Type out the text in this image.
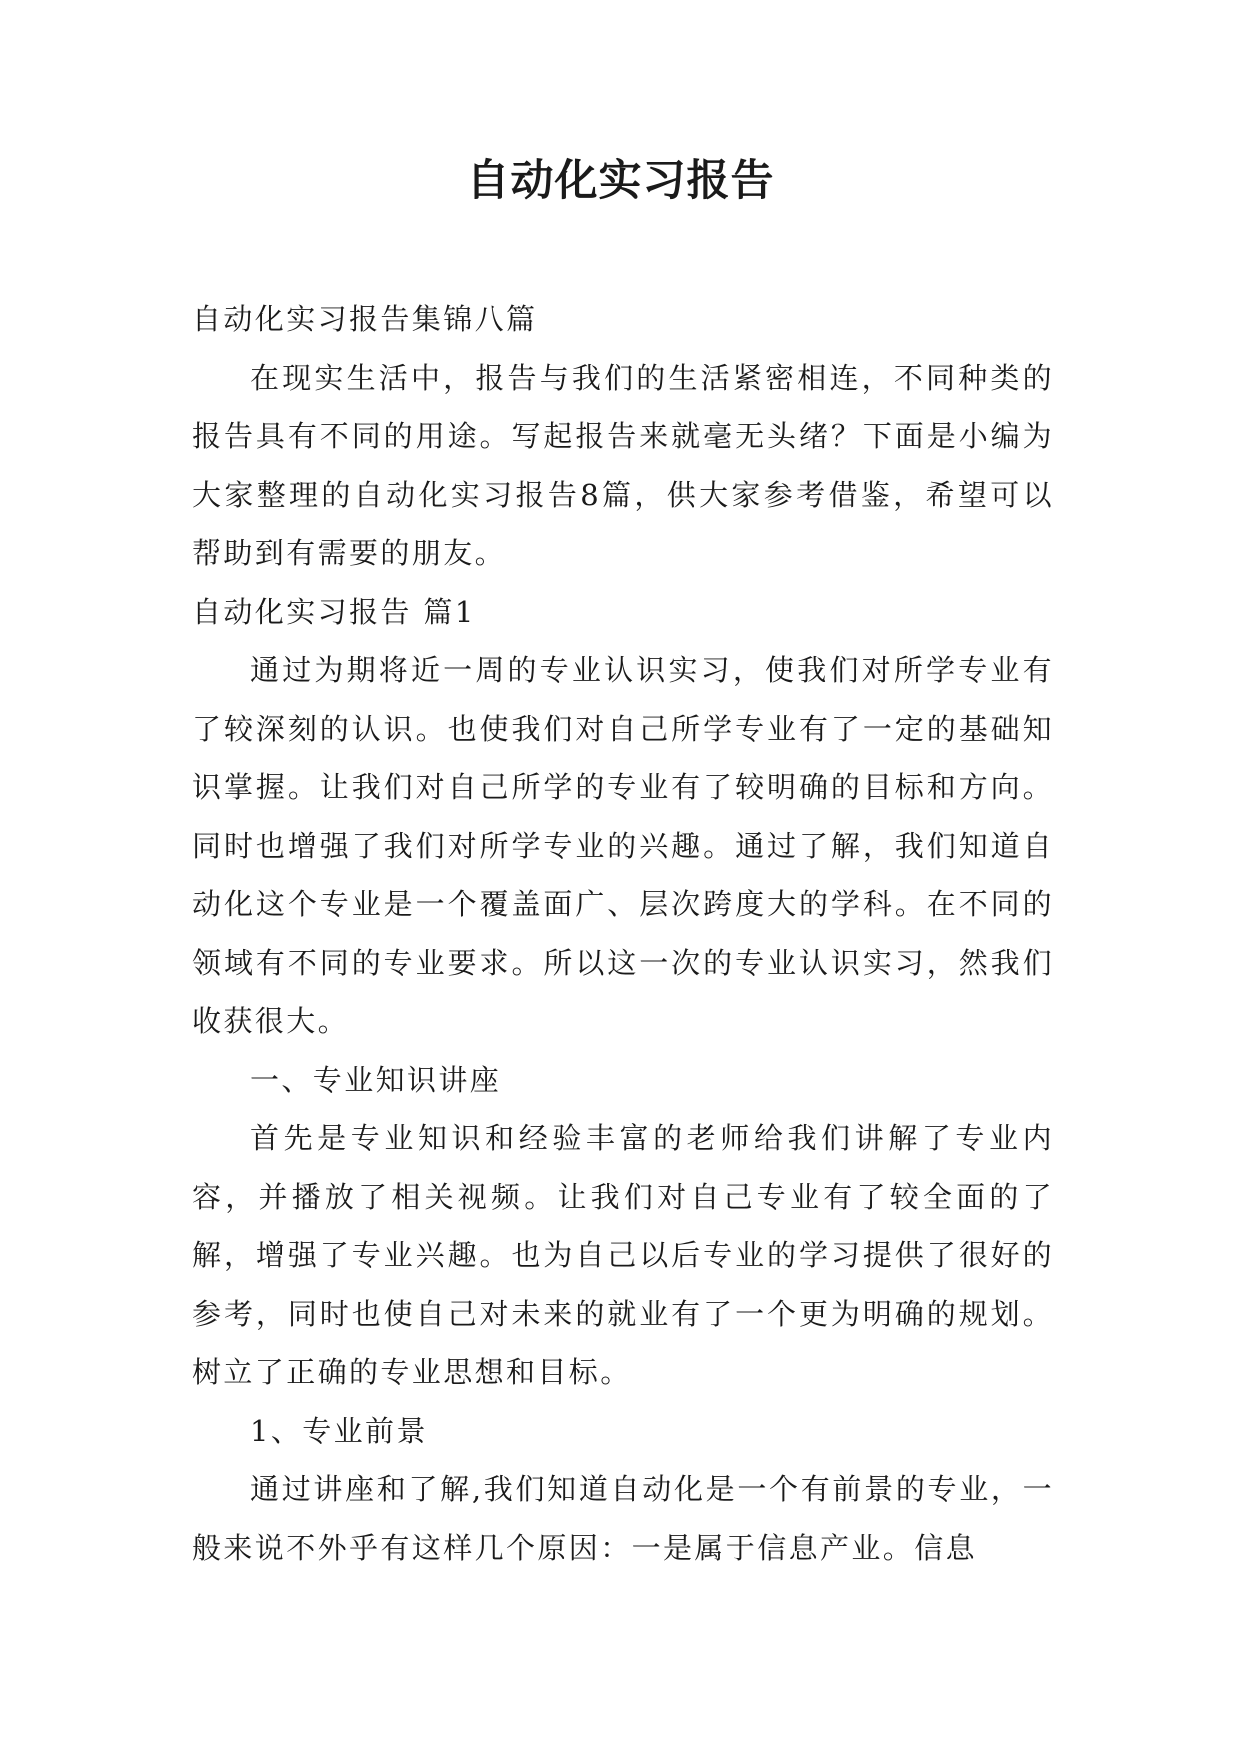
自动化实习报告

自动化实习报告集锦八篇

在现实生活中，报告与我们的生活紧密相连，不同种类的报告具有不同的用途。写起报告来就毫无头绪？下面是小编为大家整理的自动化实习报告8篇，供大家参考借鉴，希望可以帮助到有需要的朋友。

自动化实习报告 篇1

通过为期将近一周的专业认识实习，使我们对所学专业有了较深刻的认识。也使我们对自己所学专业有了一定的基础知识掌握。让我们对自己所学的专业有了较明确的目标和方向。同时也增强了我们对所学专业的兴趣。通过了解，我们知道自动化这个专业是一个覆盖面广、层次跨度大的学科。在不同的领域有不同的专业要求。所以这一次的专业认识实习，然我们收获很大。

一、专业知识讲座

首先是专业知识和经验丰富的老师给我们讲解了专业内容，并播放了相关视频。让我们对自己专业有了较全面的了解，增强了专业兴趣。也为自己以后专业的学习提供了很好的参考，同时也使自己对未来的就业有了一个更为明确的规划。树立了正确的专业思想和目标。

1、专业前景

通过讲座和了解,我们知道自动化是一个有前景的专业，一般来说不外乎有这样几个原因：一是属于信息产业。信息
